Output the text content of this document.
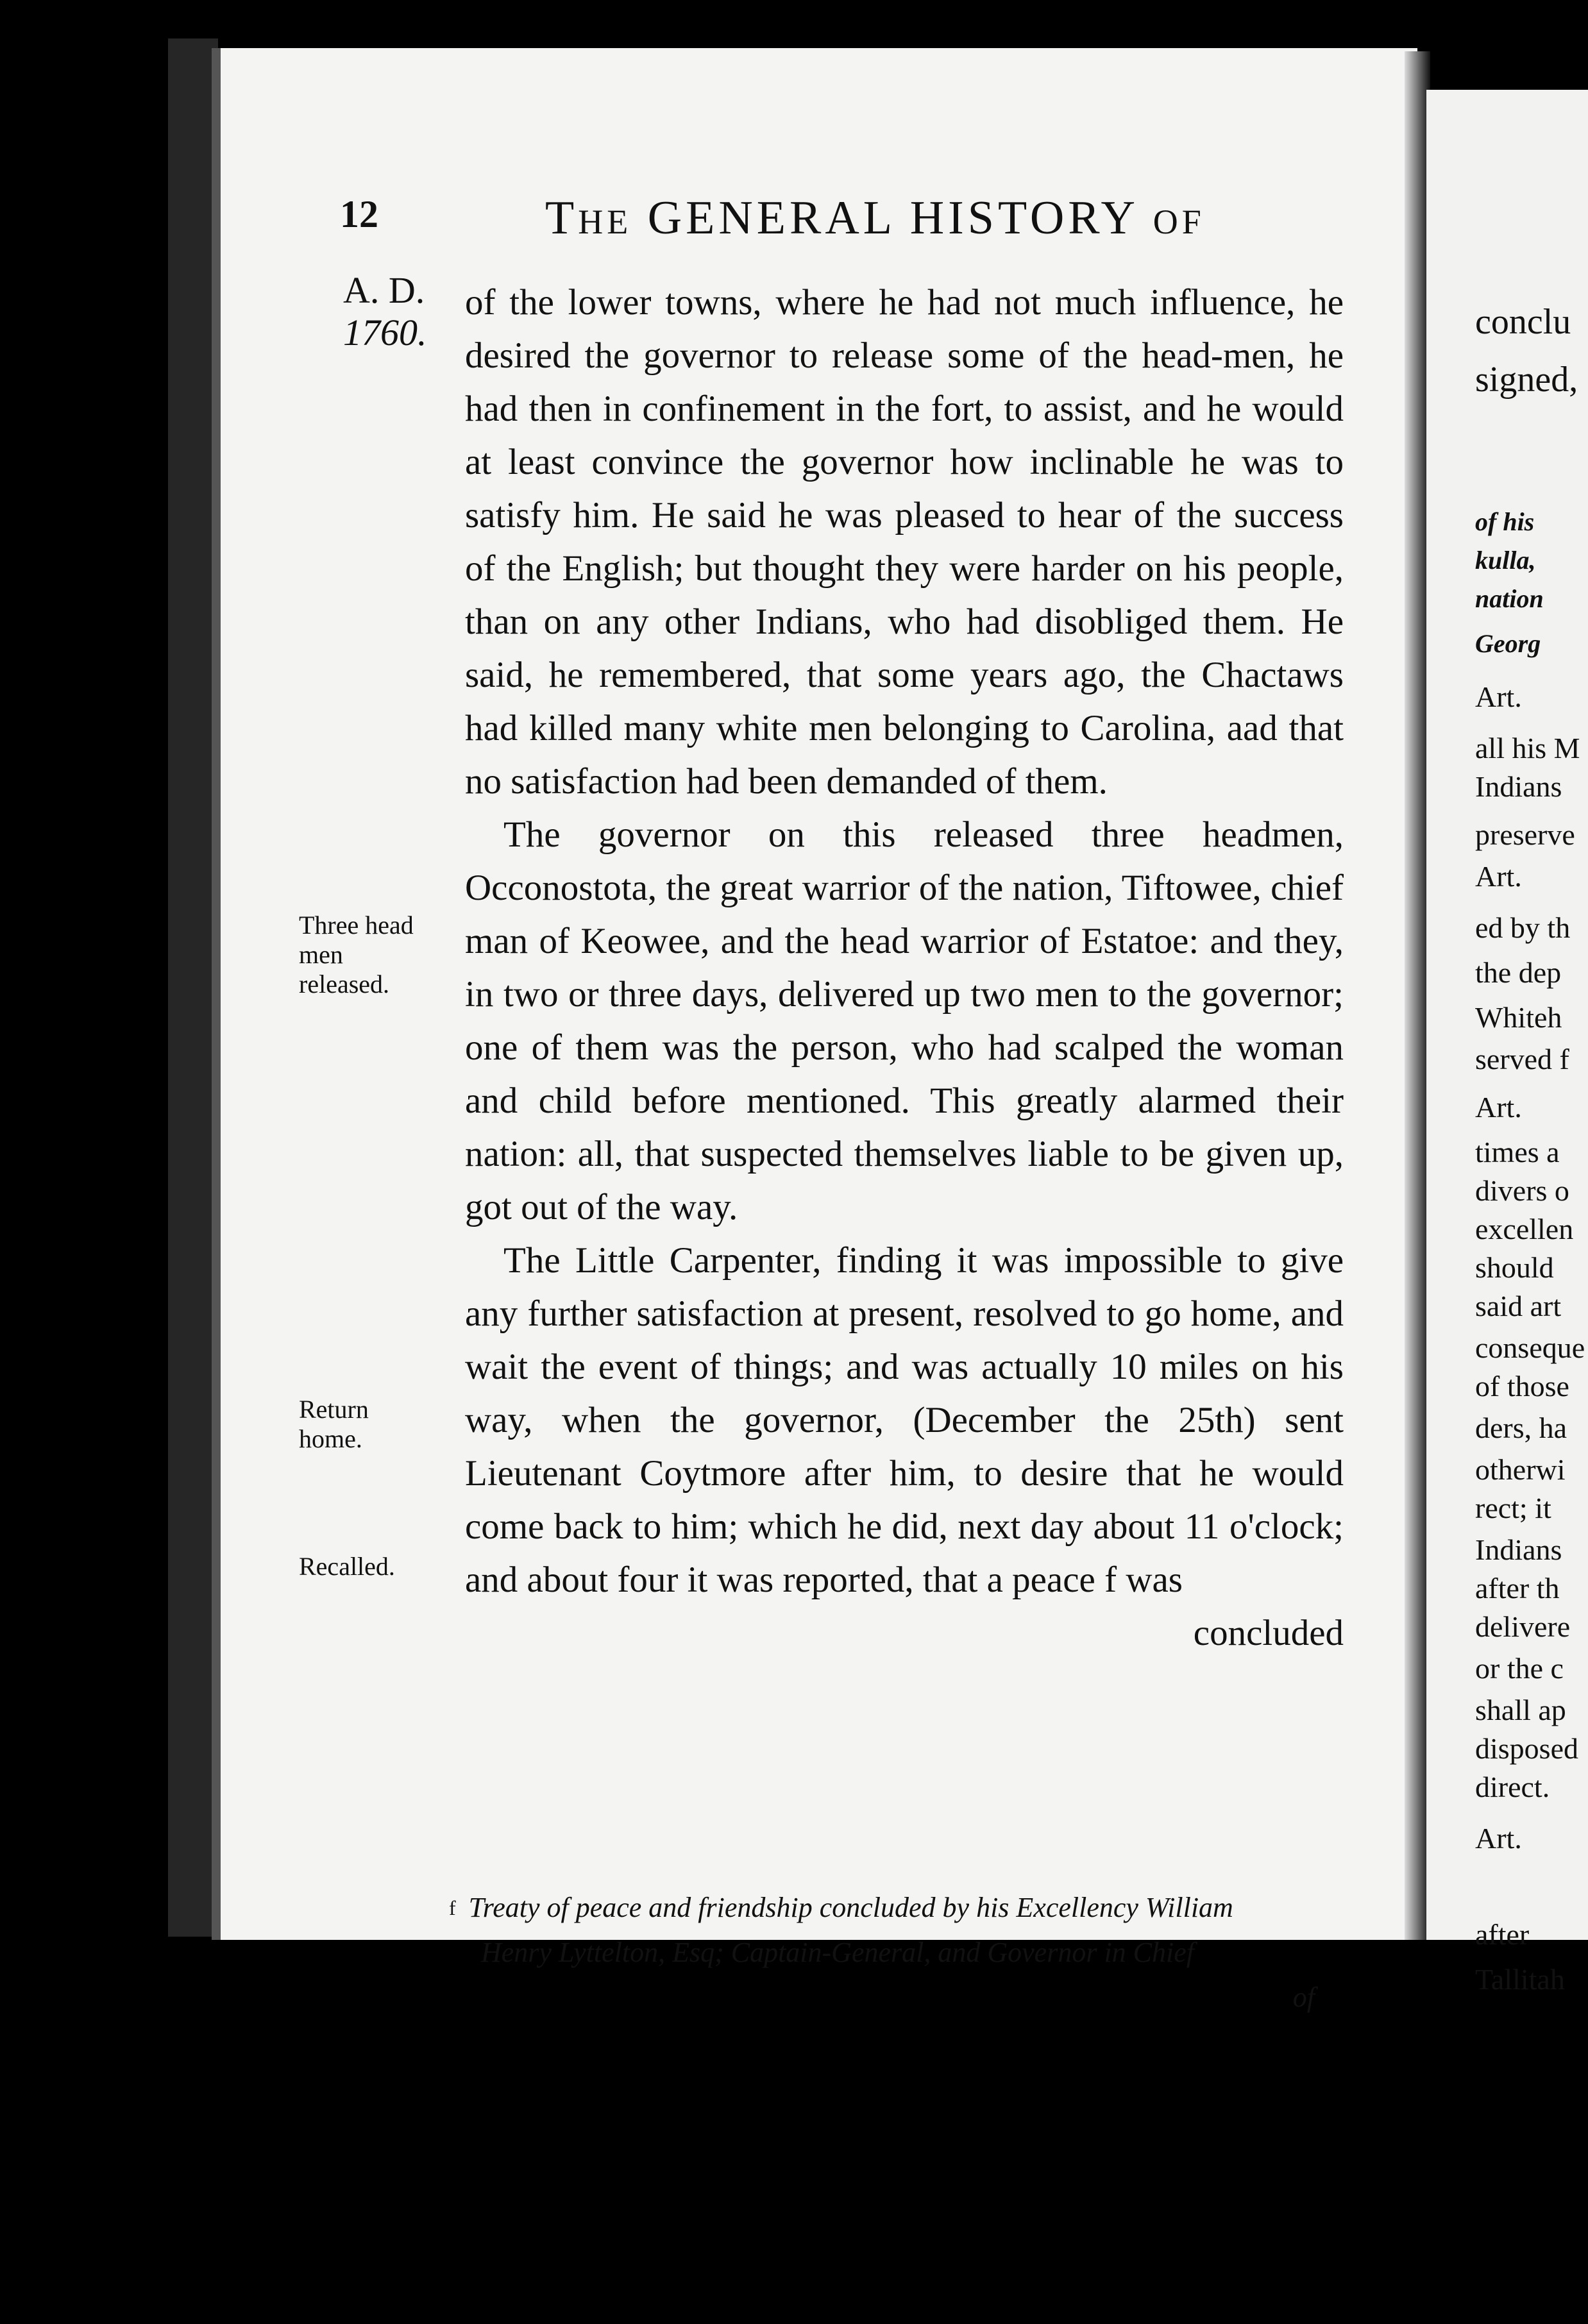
12	THE GENERAL HISTORY OF
A. D.
1760.
Three head men released.
Return home.
Recalled.

of the lower towns, where he had not much influence, he desired the governor to release some of the head-men, he had then in confinement in the fort, to assist, and he would at least convince the governor how inclinable he was to satisfy him. He said he was pleased to hear of the success of the English; but thought they were harder on his people, than on any other Indians, who had disobliged them. He said, he remembered, that some years ago, the Chactaws had killed many white men belonging to Carolina, aad that no satisfaction had been demanded of them.

The governor on this released three headmen, Occonostota, the great warrior of the nation, Tiftowee, chief man of Keowee, and the head warrior of Estatoe: and they, in two or three days, delivered up two men to the governor; one of them was the person, who had scalped the woman and child before mentioned. This greatly alarmed their nation: all, that suspected themselves liable to be given up, got out of the way.

The Little Carpenter, finding it was impossible to give any further satisfaction at present, resolved to go home, and wait the event of things; and was actually 10 miles on his way, when the governor, (December the 25th) sent Lieutenant Coytmore after him, to desire that he would come back to him; which he did, next day about 11 o'clock; and about four it was reported, that a peace f was

concluded

$^f$ Treaty of peace and friendship concluded by his Excellency William
Henry Lyttelton, Esq; Captain-General, and Governor in Chief
of
conclu
signed,
of his
kulla,
nation
Georg
Art.
all his M
Indians
preserve
Art.
ed by th
the dep
Whiteh
served f
Art.
times a
divers o
excellen
should
said art
conseque
of those
ders, ha
otherwi
rect; it
Indians
after th
delivere
or the c
shall ap
disposed
direct.
Art.
after
Tallitah
